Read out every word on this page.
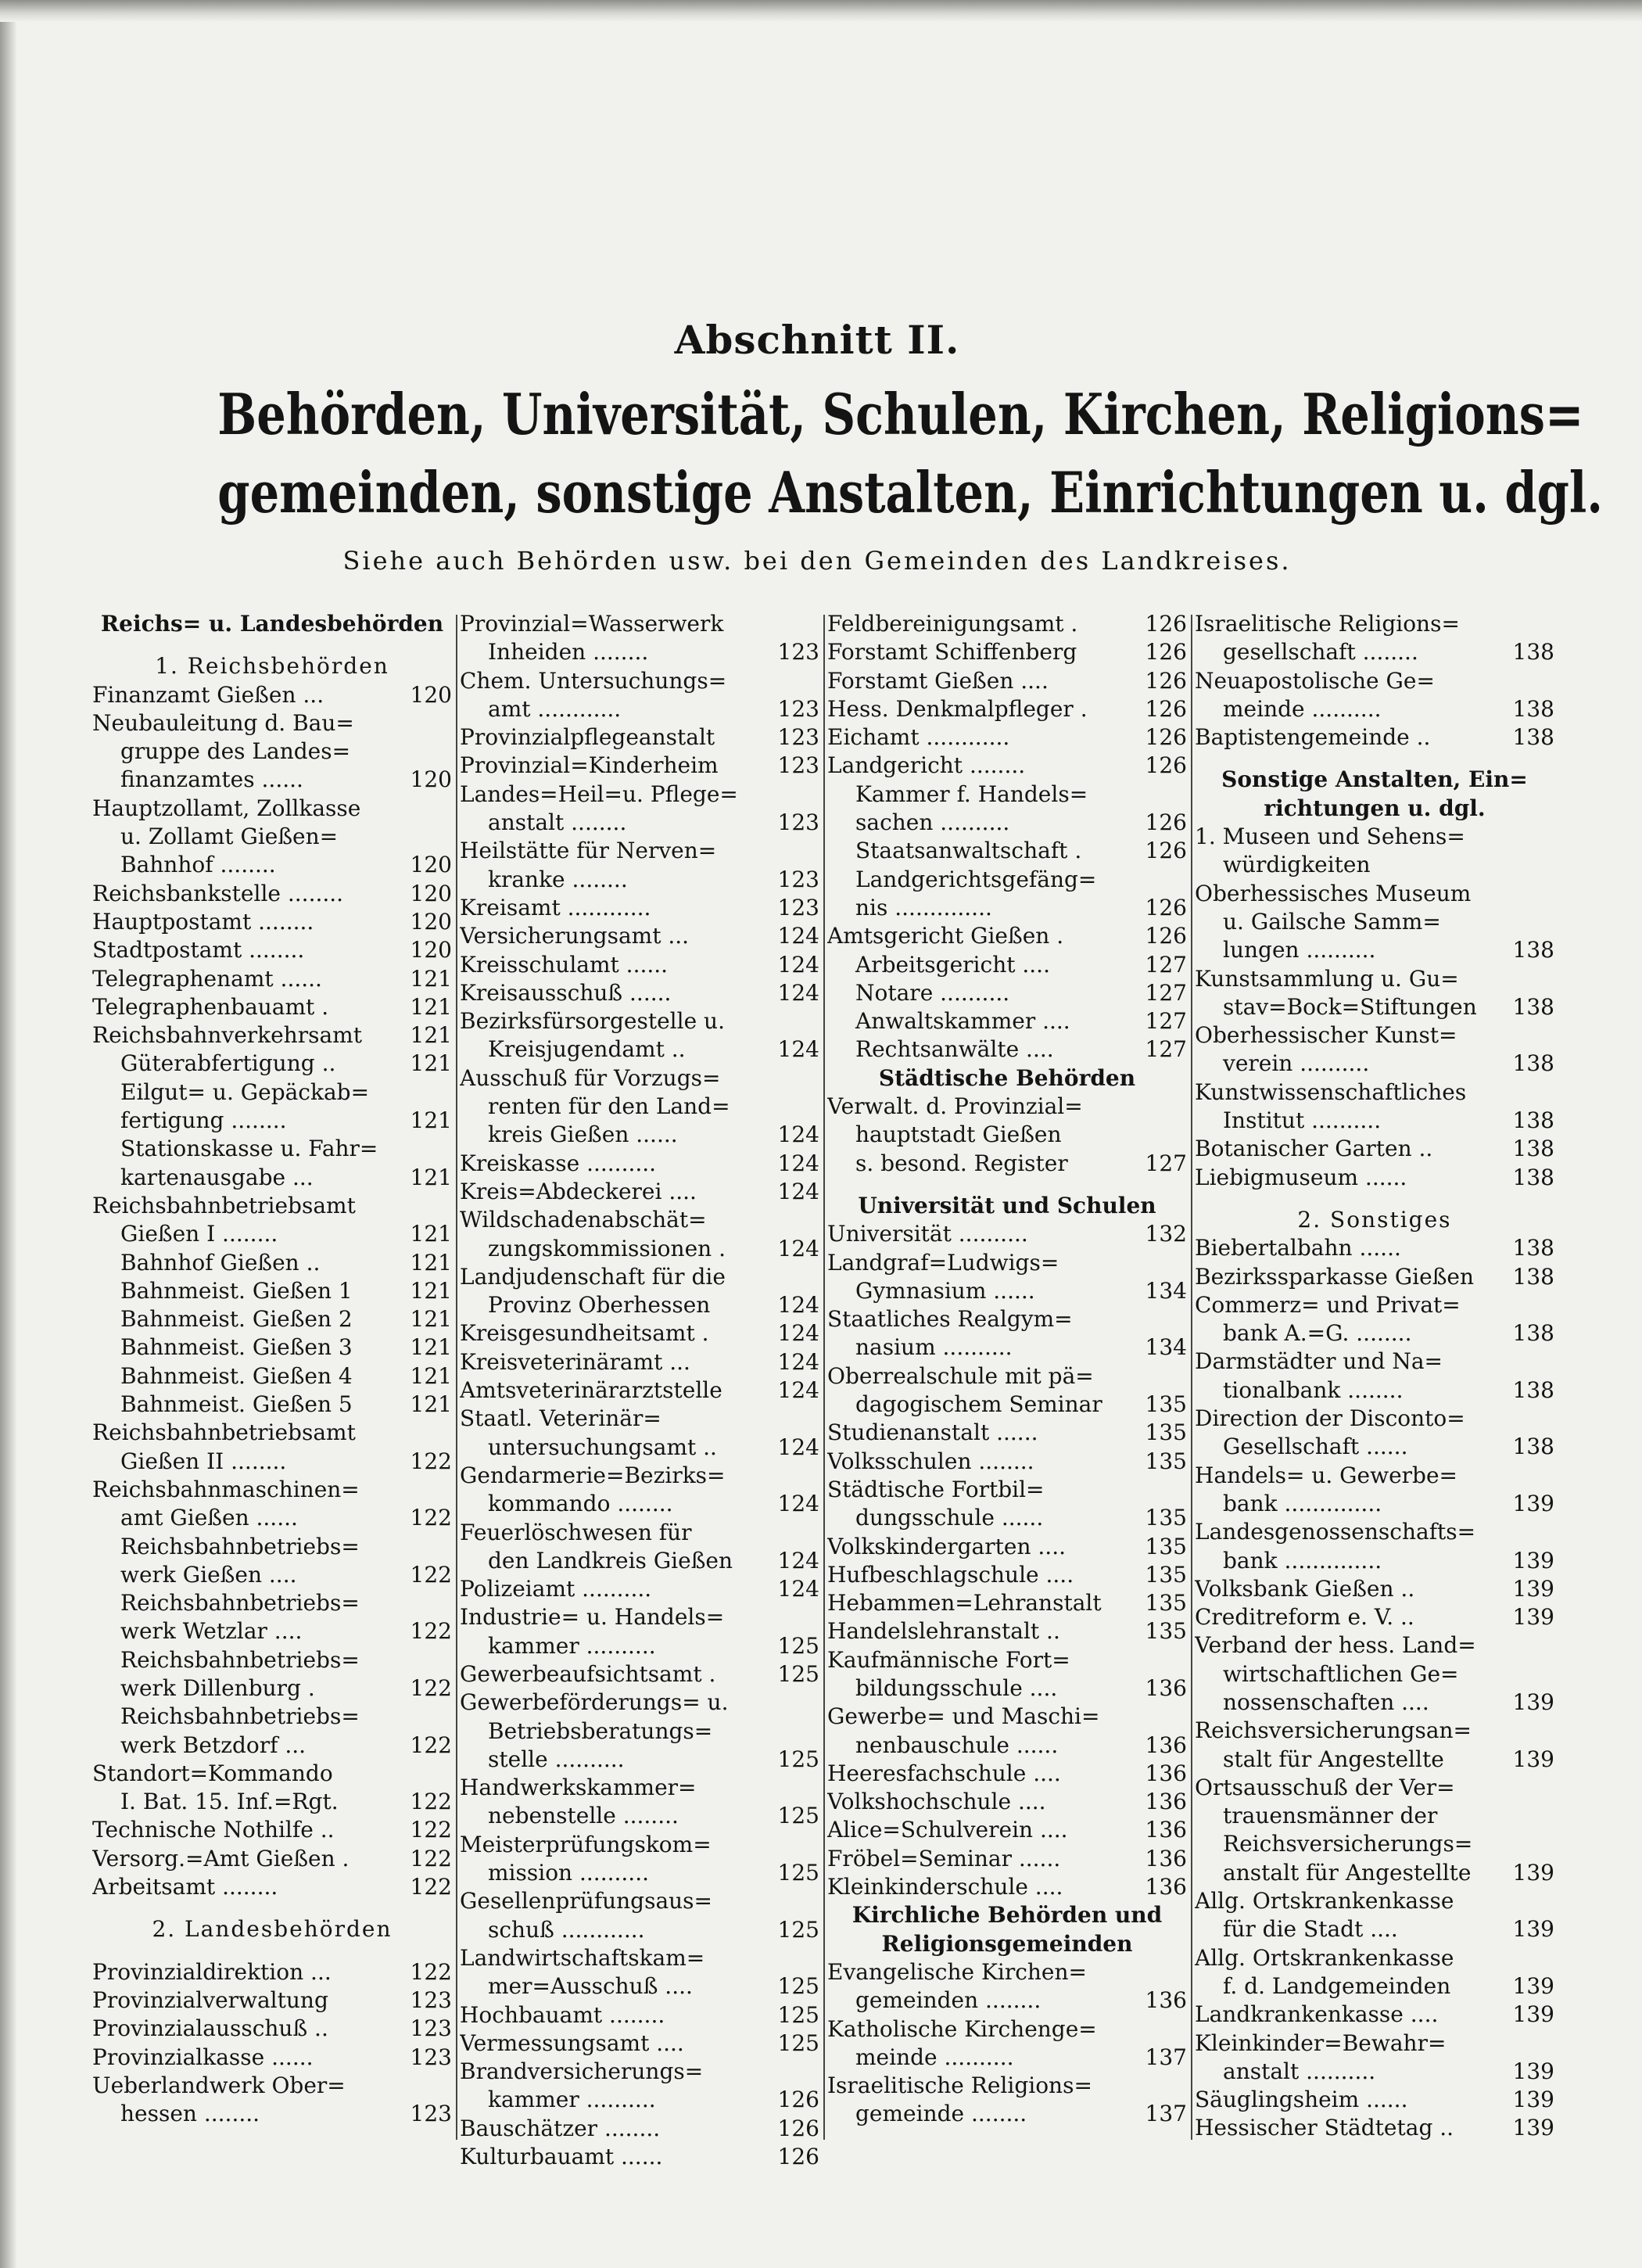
Abschnitt II.
Behörden, Universität, Schulen, Kirchen, Religions=
gemeinden, sonstige Anstalten, Einrichtungen u. dgl.
Siehe auch Behörden usw. bei den Gemeinden des Landkreises.
Reichs= u. Landesbehörden
1. Reichsbehörden
Finanzamt Gießen ...	120
Neubauleitung d. Bau=
gruppe des Landes=
finanzamtes ......	120
Hauptzollamt, Zollkasse
u. Zollamt Gießen=
Bahnhof ........	120
Reichsbankstelle ........	120
Hauptpostamt ........	120
Stadtpostamt ........	120
Telegraphenamt ......	121
Telegraphenbauamt .	121
Reichsbahnverkehrsamt 121
Güterabfertigung ..	121
Eilgut= u. Gepäckab=
fertigung ........	121
Stationskasse u. Fahr=
kartenausgabe ...	121
Reichsbahnbetriebsamt
Gießen I ........	121
Bahnhof Gießen ..	121
Bahnmeist. Gießen 1	121
Bahnmeist. Gießen 2	121
Bahnmeist. Gießen 3	121
Bahnmeist. Gießen 4	121
Bahnmeist. Gießen 5	121
Reichsbahnbetriebsamt
Gießen II ........	122
Reichsbahnmaschinen=
amt Gießen ......	122
Reichsbahnbetriebs=
werk Gießen ....	122
Reichsbahnbetriebs=
werk Wetzlar ....	122
Reichsbahnbetriebs=
werk Dillenburg .	122
Reichsbahnbetriebs=
werk Betzdorf ...	122
Standort=Kommando
I. Bat. 15. Inf.=Rgt.	122
Technische Nothilfe ..	122
Versorg.=Amt Gießen .	122
Arbeitsamt ........	122
2. Landesbehörden
Provinzialdirektion ...	122
Provinzialverwaltung	123
Provinzialausschuß ..	123
Provinzialkasse ......	123
Ueberlandwerk Ober=
hessen ........	123
Provinzial=Wasserwerk
Inheiden ........	123
Chem. Untersuchungs=
amt ............	123
Provinzialpflegeanstalt	123
Provinzial=Kinderheim	123
Landes=Heil=u. Pflege=
anstalt ........	123
Heilstätte für Nerven=
kranke ........	123
Kreisamt ............	123
Versicherungsamt ...	124
Kreisschulamt ......	124
Kreisausschuß ......	124
Bezirksfürsorgestelle u.
Kreisjugendamt ..	124
Ausschuß für Vorzugs=
renten für den Land=
kreis Gießen ......	124
Kreiskasse ..........	124
Kreis=Abdeckerei ....	124
Wildschadenabschät=
zungskommissionen . 124
Landjudenschaft für die
Provinz Oberhessen	124
Kreisgesundheitsamt .	124
Kreisveterinäramt ...	124
Amtsveterinärarztstelle	124
Staatl. Veterinär=
untersuchungsamt ..	124
Gendarmerie=Bezirks=
kommando ........	124
Feuerlöschwesen für
den Landkreis Gießen 124
Polizeiamt ..........	124
Industrie= u. Handels=
kammer ..........	125
Gewerbeaufsichtsamt .	125
Gewerbeförderungs= u.
Betriebsberatungs=
stelle ..........	125
Handwerkskammer=
nebenstelle ........	125
Meisterprüfungskom=
mission ..........	125
Gesellenprüfungsaus=
schuß ............	125
Landwirtschaftskam=
mer=Ausschuß ....	125
Hochbauamt ........	125
Vermessungsamt ....	125
Brandversicherungs=
kammer ..........	126
Bauschätzer ........	126
Kulturbauamt ......	126
Feldbereinigungsamt .	126
Forstamt Schiffenberg	126
Forstamt Gießen ....	126
Hess. Denkmalpfleger .	126
Eichamt ............	126
Landgericht ........	126
Kammer f. Handels=
sachen ..........	126
Staatsanwaltschaft .	126
Landgerichtsgefäng=
nis ..............	126
Amtsgericht Gießen .	126
Arbeitsgericht ....	127
Notare ..........	127
Anwaltskammer ....	127
Rechtsanwälte ....	127
Städtische Behörden
Verwalt. d. Provinzial=
hauptstadt Gießen
s. besond. Register	127
Universität und Schulen
Universität ..........	132
Landgraf=Ludwigs=
Gymnasium ......	134
Staatliches Realgym=
nasium ..........	134
Oberrealschule mit pä=
dagogischem Seminar 135
Studienanstalt ......	135
Volksschulen ........	135
Städtische Fortbil=
dungsschule ......	135
Volkskindergarten ....	135
Hufbeschlagschule ....	135
Hebammen=Lehranstalt 135
Handelslehranstalt ..	135
Kaufmännische Fort=
bildungsschule ....	136
Gewerbe= und Maschi=
nenbauschule ......	136
Heeresfachschule ....	136
Volkshochschule ....	136
Alice=Schulverein ....	136
Fröbel=Seminar ......	136
Kleinkinderschule ....	136
Kirchliche Behörden und
Religionsgemeinden
Evangelische Kirchen=
gemeinden ........	136
Katholische Kirchenge=
meinde ..........	137
Israelitische Religions=
gemeinde ........	137
Israelitische Religions=
gesellschaft ........	138
Neuapostolische Ge=
meinde ..........	138
Baptistengemeinde ..	138
Sonstige Anstalten, Ein=
richtungen u. dgl.
1. Museen und Sehens=
würdigkeiten
Oberhessisches Museum
u. Gailsche Samm=
lungen ..........	138
Kunstsammlung u. Gu=
stav=Bock=Stiftungen 138
Oberhessischer Kunst=
verein ..........	138
Kunstwissenschaftliches
Institut ..........	138
Botanischer Garten ..	138
Liebigmuseum ......	138
2. Sonstiges
Biebertalbahn ......	138
Bezirkssparkasse Gießen 138
Commerz= und Privat=
bank A.=G. ........	138
Darmstädter und Na=
tionalbank ........	138
Direction der Disconto=
Gesellschaft ......	138
Handels= u. Gewerbe=
bank ..............	139
Landesgenossenschafts=
bank ..............	139
Volksbank Gießen ..	139
Creditreform e. V. ..	139
Verband der hess. Land=
wirtschaftlichen Ge=
nossenschaften ....	139
Reichsversicherungsan=
stalt für Angestellte	139
Ortsausschuß der Ver=
trauensmänner der
Reichsversicherungs=
anstalt für Angestellte 139
Allg. Ortskrankenkasse
für die Stadt ....	139
Allg. Ortskrankenkasse
f. d. Landgemeinden	139
Landkrankenkasse ....	139
Kleinkinder=Bewahr=
anstalt ..........	139
Säuglingsheim ......	139
Hessischer Städtetag ..	139
